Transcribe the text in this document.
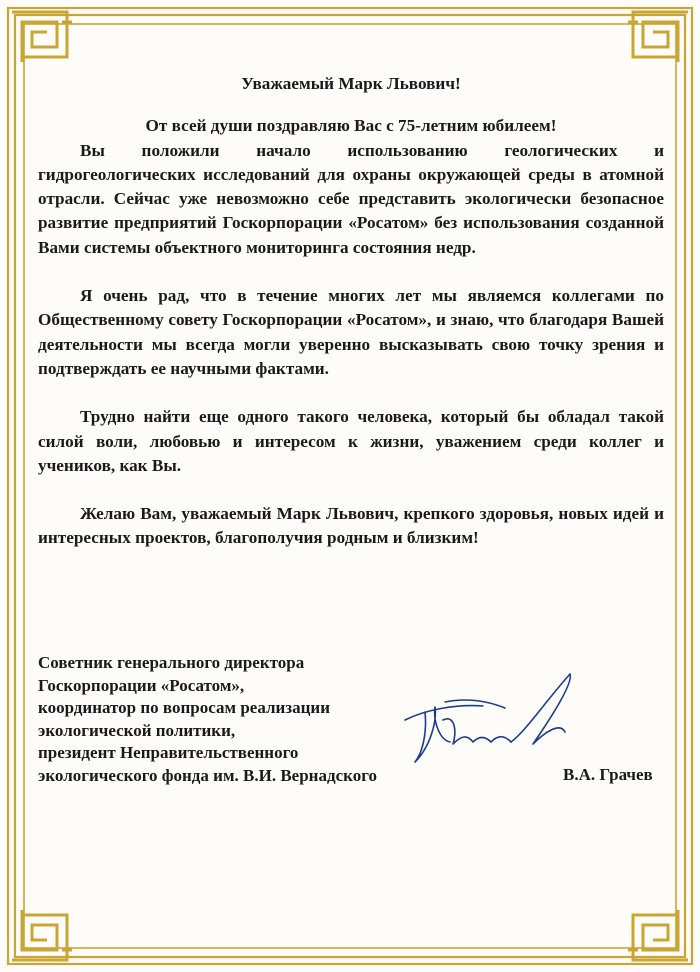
Уважаемый Марк Львович!

От всей души поздравляю Вас с 75-летним юбилеем!

Вы положили начало использованию геологических и гидрогеологических исследований для охраны окружающей среды в атомной отрасли. Сейчас уже невозможно себе представить экологически безопасное развитие предприятий Госкорпорации «Росатом» без использования созданной Вами системы объектного мониторинга состояния недр.

Я очень рад, что в течение многих лет мы являемся коллегами по Общественному совету Госкорпорации «Росатом», и знаю, что благодаря Вашей деятельности мы всегда могли уверенно высказывать свою точку зрения и подтверждать ее научными фактами.

Трудно найти еще одного такого человека, который бы обладал такой силой воли, любовью и интересом к жизни, уважением среди коллег и учеников, как Вы.

Желаю Вам, уважаемый Марк Львович, крепкого здоровья, новых идей и интересных проектов, благополучия родным и близким!

Советник генерального директора
Госкорпорации «Росатом»,
координатор по вопросам реализации
экологической политики,
президент Неправительственного
экологического фонда им. В.И. Вернадского	В.А. Грачев
